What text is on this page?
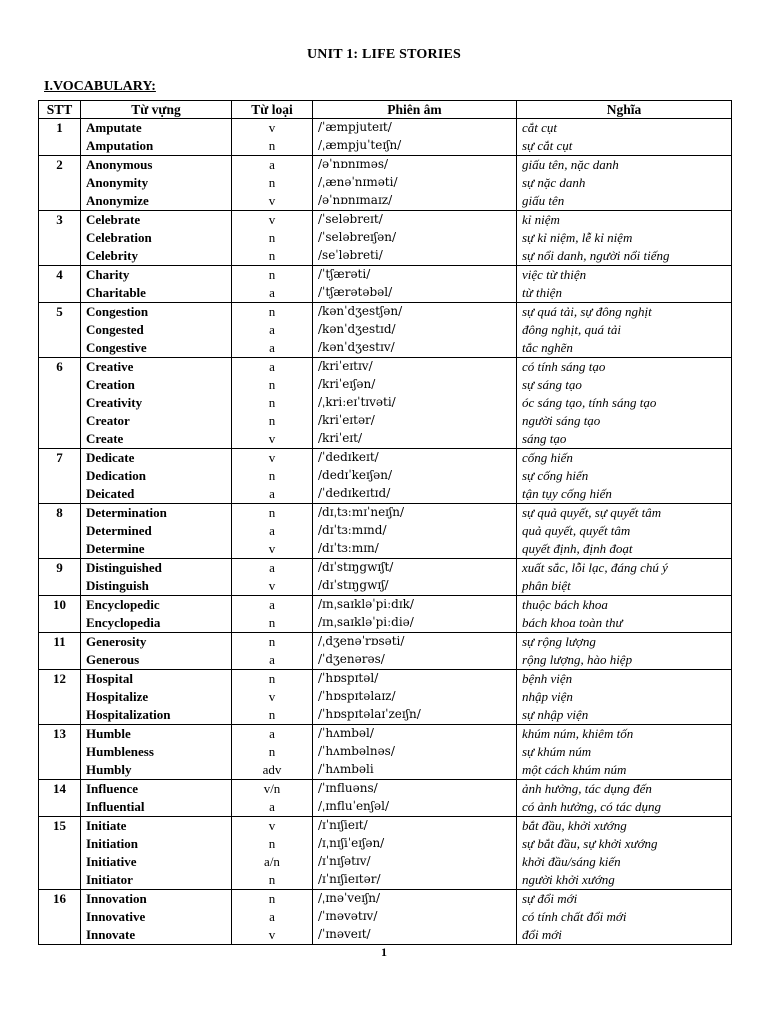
UNIT 1: LIFE STORIES
I.VOCABULARY:
STT	Từ vựng	Từ loại	Phiên âm	Nghĩa
1	Amputate	v	/ˈæmpjuteɪt/	cắt cụt
	Amputation	n	/ˌæmpjuˈteɪʃn/	sự cắt cụt
2	Anonymous	a	/əˈnɒnɪməs/	giấu tên, nặc danh
	Anonymity	n	/ˌænəˈnɪməti/	sự nặc danh
	Anonymize	v	/əˈnɒnɪmaɪz/	giấu tên
3	Celebrate	v	/ˈseləbreɪt/	kỉ niệm
	Celebration	n	/ˈseləbreɪʃən/	sự kỉ niệm, lễ kỉ niệm
	Celebrity	n	/seˈləbreti/	sự nổi danh, người nổi tiếng
4	Charity	n	/ˈtʃærəti/	việc từ thiện
	Charitable	a	/ˈtʃærətəbəl/	từ thiện
5	Congestion	n	/kənˈdʒestʃən/	sự quá tải, sự đông nghịt
	Congested	a	/kənˈdʒestɪd/	đông nghịt, quá tải
	Congestive	a	/kənˈdʒestɪv/	tắc nghẽn
6	Creative	a	/kriˈeɪtɪv/	có tính sáng tạo
	Creation	n	/kriˈeɪʃən/	sự sáng tạo
	Creativity	n	/ˌkriːeɪˈtɪvəti/	óc sáng tạo, tính sáng tạo
	Creator	n	/kriˈeɪtər/	người sáng tạo
	Create	v	/kriˈeɪt/	sáng tạo
7	Dedicate	v	/ˈdedɪkeɪt/	cống hiến
	Dedication	n	/dedɪˈkeɪʃən/	sự cống hiến
	Deicated	a	/ˈdedɪkeɪtɪd/	tận tụy cống hiến
8	Determination	n	/dɪˌtɜːmɪˈneɪʃn/	sự quả quyết, sự quyết tâm
	Determined	a	/dɪˈtɜːmɪnd/	quả quyết, quyết tâm
	Determine	v	/dɪˈtɜːmɪn/	quyết định, định đoạt
9	Distinguished	a	/dɪˈstɪŋgwɪʃt/	xuất sắc, lỗi lạc, đáng chú ý
	Distinguish	v	/dɪˈstɪŋgwɪʃ/	phân biệt
10	Encyclopedic	a	/ɪnˌsaɪkləˈpiːdɪk/	thuộc bách khoa
	Encyclopedia	n	/ɪnˌsaɪkləˈpiːdiə/	bách khoa toàn thư
11	Generosity	n	/ˌdʒenəˈrɒsəti/	sự rộng lượng
	Generous	a	/ˈdʒenərəs/	rộng lượng, hào hiệp
12	Hospital	n	/ˈhɒspɪtəl/	bệnh viện
	Hospitalize	v	/ˈhɒspɪtəlaɪz/	nhập viện
	Hospitalization	n	/ˈhɒspɪtəlaɪˈzeɪʃn/	sự nhập viện
13	Humble	a	/ˈhʌmbəl/	khúm núm, khiêm tốn
	Humbleness	n	/ˈhʌmbəlnəs/	sự khúm núm
	Humbly	adv	/ˈhʌmbəli	một cách khúm núm
14	Influence	v/n	/ˈɪnfluəns/	ảnh hưởng, tác dụng đến
	Influential	a	/ˌɪnfluˈenʃəl/	có ảnh hưởng, có tác dụng
15	Initiate	v	/ɪˈnɪʃieɪt/	bắt đầu, khởi xướng
	Initiation	n	/ɪˌnɪʃiˈeɪʃən/	sự bắt đầu, sự khởi xướng
	Initiative	a/n	/ɪˈnɪʃətɪv/	khởi đầu/sáng kiến
	Initiator	n	/ɪˈnɪʃieɪtər/	người khởi xướng
16	Innovation	n	/ˌɪnəˈveɪʃn/	sự đổi mới
	Innovative	a	/ˈɪnəvətɪv/	có tính chất đổi mới
	Innovate	v	/ˈɪnəveɪt/	đổi mới
1
